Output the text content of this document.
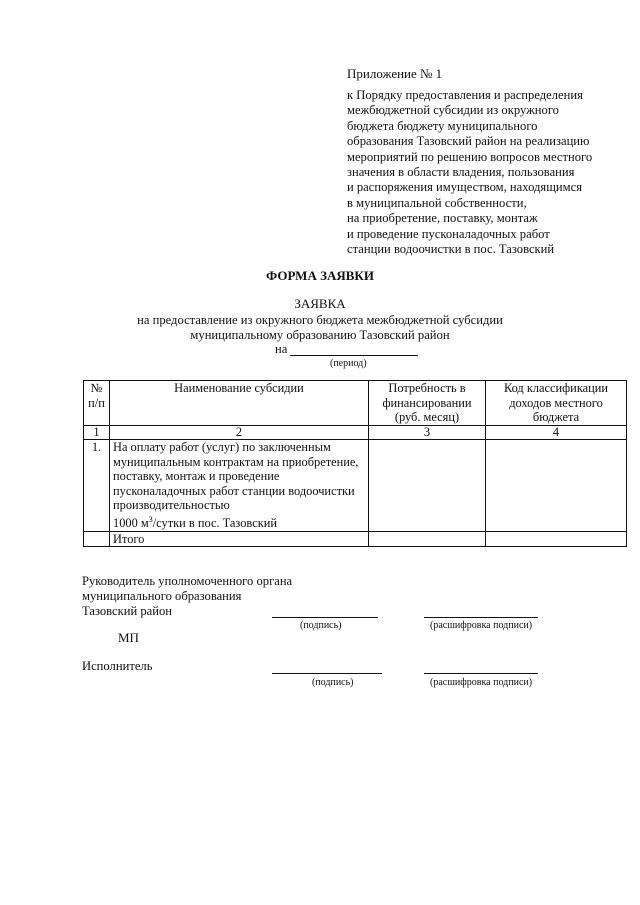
Приложение № 1
к Порядку предоставления и распределения
межбюджетной субсидии из окружного
бюджета бюджету муниципального
образования Тазовский район на реализацию
мероприятий по решению вопросов местного
значения в области владения, пользования
и распоряжения имуществом, находящимся
в муниципальной собственности,
на приобретение, поставку, монтаж
и проведение пусконаладочных работ
станции водоочистки в пос. Тазовский
ФОРМА ЗАЯВКИ
ЗАЯВКА
на предоставление из окружного бюджета межбюджетной субсидии
муниципальному образованию Тазовский район
на
(период)
№ п/п	Наименование субсидии	Потребность в финансировании (руб. месяц)	Код классификации доходов местного бюджета
1	2	3	4
1.	На оплату работ (услуг) по заключенным муниципальным контрактам на приобретение, поставку, монтаж и проведение пусконаладочных работ станции водоочистки производительностью
1000 $м^3$/сутки в пос. Тазовский		
	Итого		
Руководитель уполномоченного органа
муниципального образования
Тазовский район
(подпись)	(расшифровка подписи)
МП
Исполнитель
(подпись)	(расшифровка подписи)
